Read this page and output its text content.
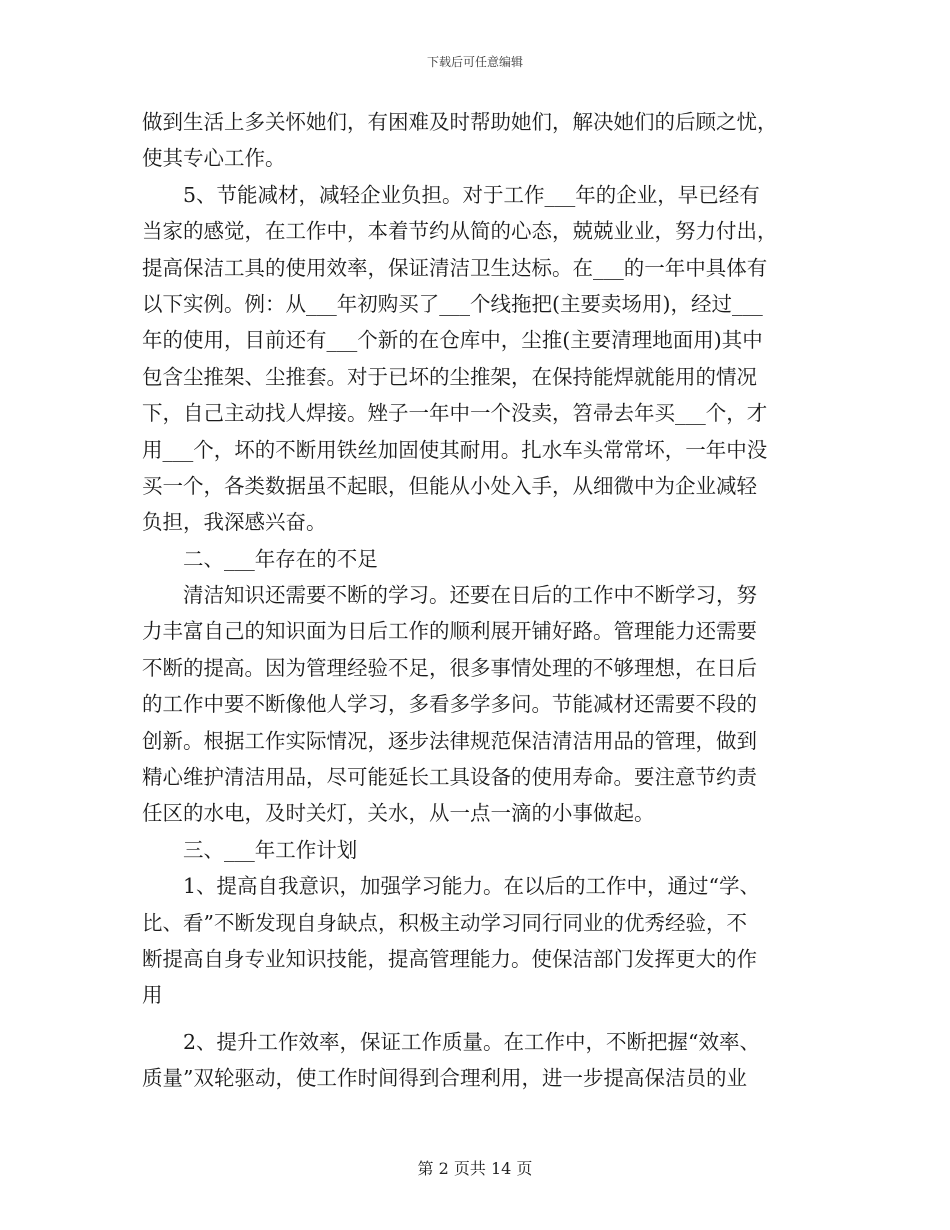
下载后可任意编辑
做到生活上多关怀她们，有困难及时帮助她们，解决她们的后顾之忧，
使其专心工作。
　　5、节能减材，减轻企业负担。对于工作___年的企业，早已经有
当家的感觉，在工作中，本着节约从简的心态，兢兢业业，努力付出，
提高保洁工具的使用效率，保证清洁卫生达标。在___的一年中具体有
以下实例。例：从___年初购买了___个线拖把(主要卖场用)，经过___
年的使用，目前还有___个新的在仓库中，尘推(主要清理地面用)其中
包含尘推架、尘推套。对于已坏的尘推架，在保持能焊就能用的情况
下，自己主动找人焊接。矬子一年中一个没卖，笤帚去年买___个，才
用___个，坏的不断用铁丝加固使其耐用。扎水车头常常坏，一年中没
买一个，各类数据虽不起眼，但能从小处入手，从细微中为企业减轻
负担，我深感兴奋。
　　二、___年存在的不足
　　清洁知识还需要不断的学习。还要在日后的工作中不断学习，努
力丰富自己的知识面为日后工作的顺利展开铺好路。管理能力还需要
不断的提高。因为管理经验不足，很多事情处理的不够理想，在日后
的工作中要不断像他人学习，多看多学多问。节能减材还需要不段的
创新。根据工作实际情况，逐步法律规范保洁清洁用品的管理，做到
精心维护清洁用品，尽可能延长工具设备的使用寿命。要注意节约责
任区的水电，及时关灯，关水，从一点一滴的小事做起。
　　三、___年工作计划
　　1、提高自我意识，加强学习能力。在以后的工作中，通过“学、
比、看”不断发现自身缺点，积极主动学习同行同业的优秀经验，不
断提高自身专业知识技能，提高管理能力。使保洁部门发挥更大的作
用
　　2、提升工作效率，保证工作质量。在工作中，不断把握“效率、
质量”双轮驱动，使工作时间得到合理利用，进一步提高保洁员的业
第 2 页共 14 页
